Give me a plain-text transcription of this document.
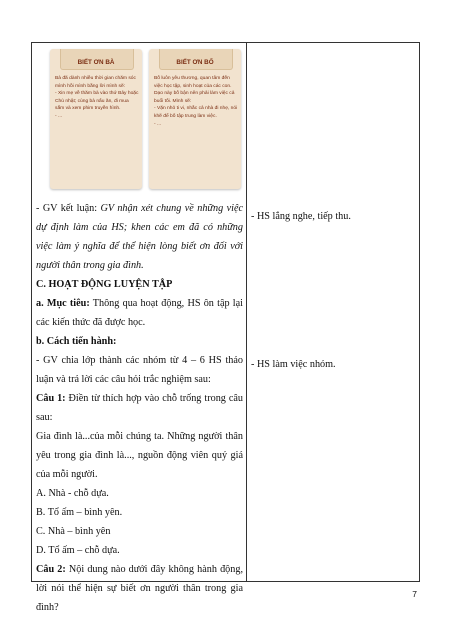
BIẾT ƠN BÀ

Bà đã dành nhiều thời gian chăm sóc mình hồi mình bằng lời mình sẽ:

- Xin mẹ về thăm bà vào thứ Bảy hoặc Chủ nhật; cùng bà nấu ăn, đi mua sắm và xem phim truyền hình.

- ...

BIẾT ƠN BỐ

Bố luôn yêu thương, quan tâm đến việc học tập, sinh hoạt của các con. Dạo này bố bận nên phải làm việc cả buổi tối. Mình sẽ:

- Vặn nhỏ ti vi, nhắc cả nhà đi nhẹ, nói khẽ để bố tập trung làm việc.

- ...

- GV kết luận: GV nhận xét chung về những việc dự định làm của HS; khen các em đã có những việc làm ý nghĩa để thể hiện lòng biết ơn đối với người thân trong gia đình.

C. HOẠT ĐỘNG LUYỆN TẬP

a. Mục tiêu: Thông qua hoạt động, HS ôn tập lại các kiến thức đã được học.

b. Cách tiến hành:

- GV chia lớp thành các nhóm từ 4 – 6 HS thảo luận và trả lời các câu hỏi trắc nghiệm sau:

Câu 1: Điền từ thích hợp vào chỗ trống trong câu sau:

Gia đình là...của mỗi chúng ta. Những người thân yêu trong gia đình là..., nguồn động viên quý giá của mỗi người.

A. Nhà - chỗ dựa.

B. Tổ ấm – bình yên.

C. Nhà – bình yên

D. Tổ ấm – chỗ dựa.

Câu 2: Nội dung nào dưới đây không hành động, lời nói thể hiện sự biết ơn người thân trong gia đình?

- HS lắng nghe, tiếp thu.
- HS làm việc nhóm.
7
